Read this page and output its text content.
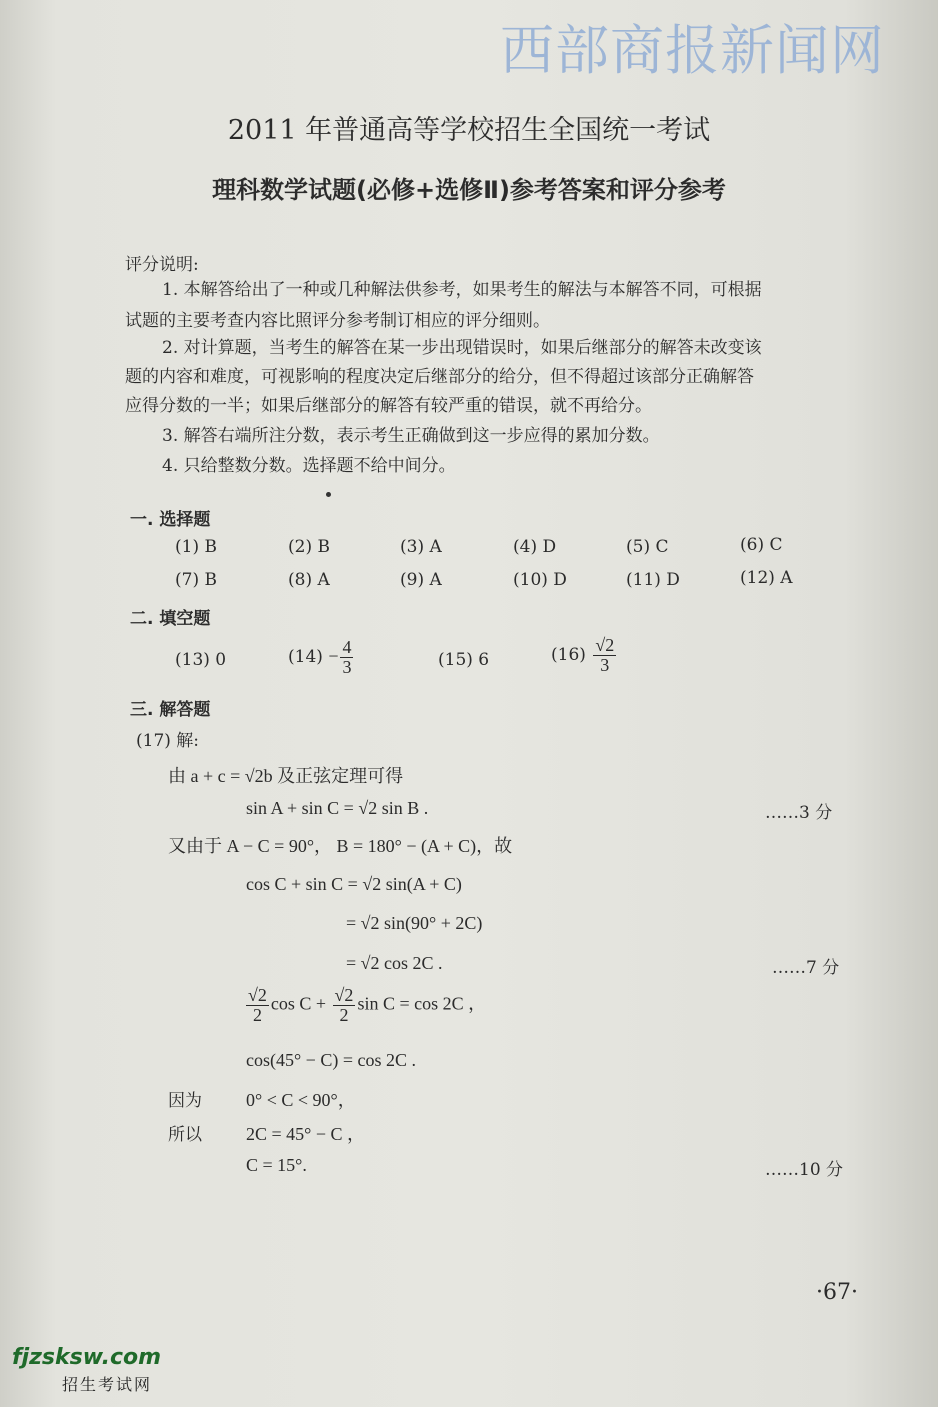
西部商报新闻网
2011 年普通高等学校招生全国统一考试
理科数学试题(必修+选修Ⅱ)参考答案和评分参考
评分说明:
1. 本解答给出了一种或几种解法供参考，如果考生的解法与本解答不同，可根据
试题的主要考查内容比照评分参考制订相应的评分细则。
2. 对计算题，当考生的解答在某一步出现错误时，如果后继部分的解答未改变该
题的内容和难度，可视影响的程度决定后继部分的给分，但不得超过该部分正确解答
应得分数的一半；如果后继部分的解答有较严重的错误，就不再给分。
3. 解答右端所注分数，表示考生正确做到这一步应得的累加分数。
4. 只给整数分数。选择题不给中间分。
一. 选择题
(1) B	(2) B	(3) A	(4) D	(5) C	(6) C
(7) B	(8) A	(9) A	(10) D	(11) D	(12) A
二. 填空题
(13) 0	$(14) - \frac{4}{3}$	(15) 6	$(16) \frac{√2}{3}$
三. 解答题
(17) 解:
由 a + c = √2b 及正弦定理可得
sin A + sin C = √2 sin B .	……3 分
又由于 A − C = 90°， B = 180° − (A + C)，故
cos C + sin C = √2 sin(A + C)
= √2 sin(90° + 2C)
= √2 cos 2C .	……7 分
$\frac{√2}{2}$ $\cos C + \frac{√2}{2}$ sin C = cos 2C ，
cos(45° − C) = cos 2C .
因为 0° < C < 90°，
所以 2C = 45° − C ，
C = 15°.	……10 分
·67·
fjzsksw.com
招生考试网
